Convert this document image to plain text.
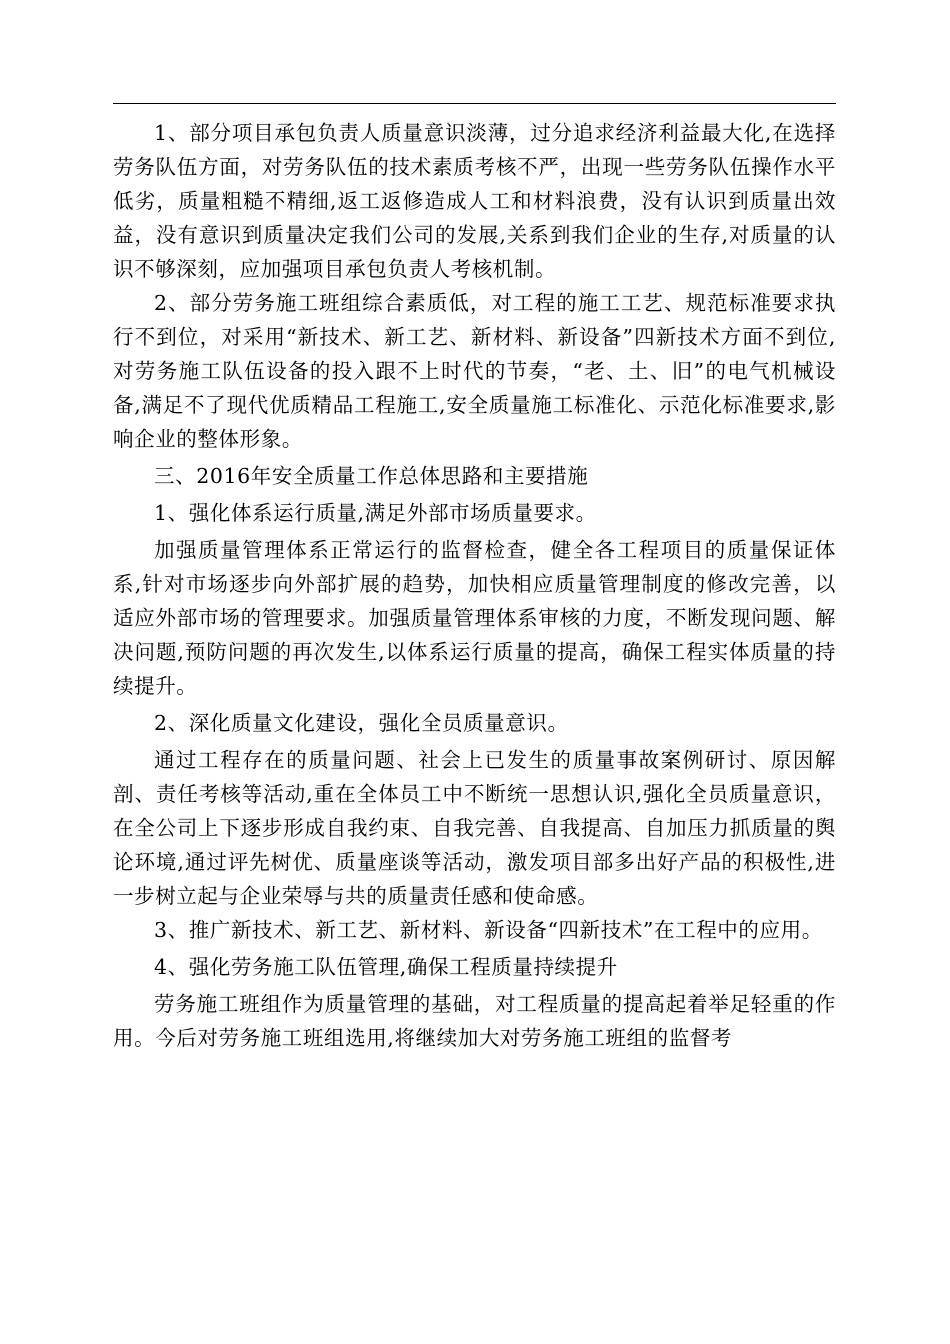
1、部分项目承包负责人质量意识淡薄，过分追求经济利益最大化,在选择劳务队伍方面，对劳务队伍的技术素质考核不严，出现一些劳务队伍操作水平低劣，质量粗糙不精细,返工返修造成人工和材料浪费，没有认识到质量出效益，没有意识到质量决定我们公司的发展,关系到我们企业的生存,对质量的认识不够深刻，应加强项目承包负责人考核机制。

2、部分劳务施工班组综合素质低，对工程的施工工艺、规范标准要求执行不到位，对采用“新技术、新工艺、新材料、新设备”四新技术方面不到位,对劳务施工队伍设备的投入跟不上时代的节奏，“老、土、旧”的电气机械设备,满足不了现代优质精品工程施工,安全质量施工标准化、示范化标准要求,影响企业的整体形象。

三、2016年安全质量工作总体思路和主要措施

1、强化体系运行质量,满足外部市场质量要求。

加强质量管理体系正常运行的监督检查，健全各工程项目的质量保证体系,针对市场逐步向外部扩展的趋势，加快相应质量管理制度的修改完善，以适应外部市场的管理要求。加强质量管理体系审核的力度，不断发现问题、解决问题,预防问题的再次发生,以体系运行质量的提高，确保工程实体质量的持续提升。

2、深化质量文化建设，强化全员质量意识。

通过工程存在的质量问题、社会上已发生的质量事故案例研讨、原因解剖、责任考核等活动,重在全体员工中不断统一思想认识,强化全员质量意识，在全公司上下逐步形成自我约束、自我完善、自我提高、自加压力抓质量的舆论环境,通过评先树优、质量座谈等活动，激发项目部多出好产品的积极性,进一步树立起与企业荣辱与共的质量责任感和使命感。

3、推广新技术、新工艺、新材料、新设备“四新技术”在工程中的应用。

4、强化劳务施工队伍管理,确保工程质量持续提升

劳务施工班组作为质量管理的基础，对工程质量的提高起着举足轻重的作用。今后对劳务施工班组选用,将继续加大对劳务施工班组的监督考
